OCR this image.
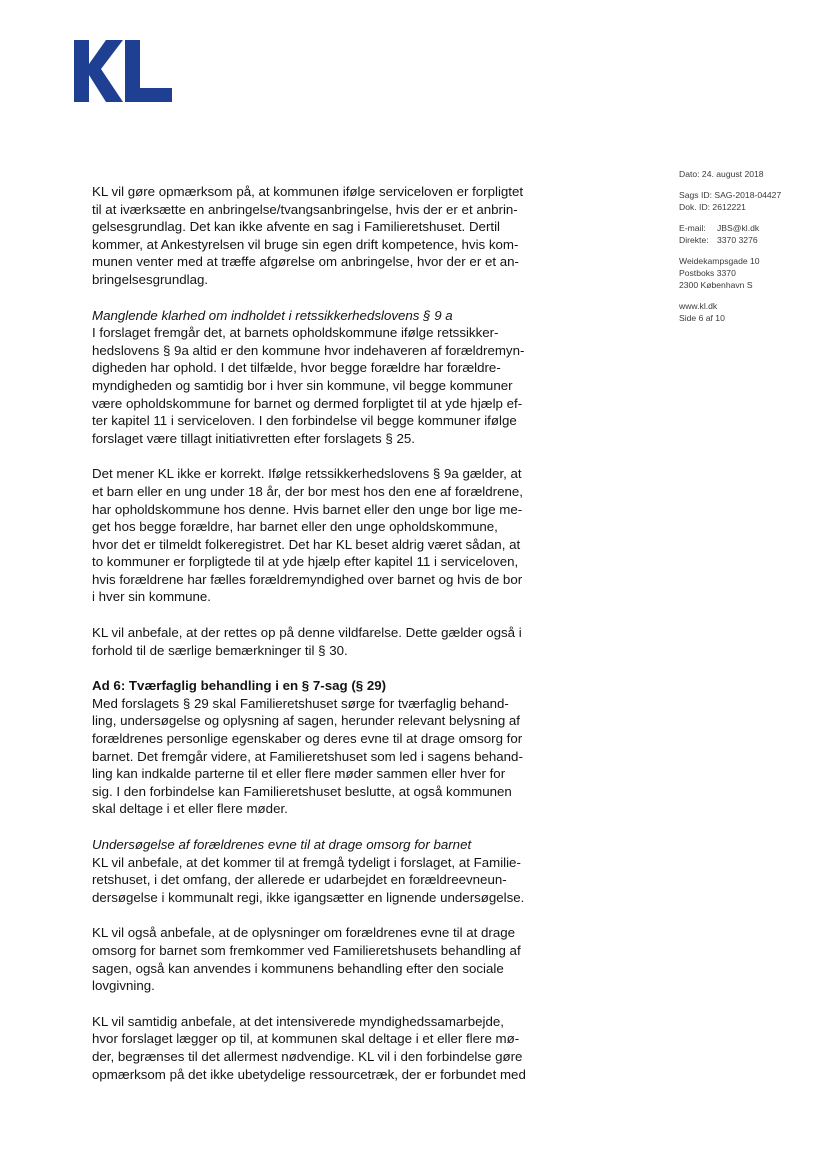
Dato: 24. august 2018
Sags ID: SAG-2018-04427
Dok. ID: 2612221
E-mail: JBS@kl.dk
Direkte: 3370 3276
Weidekampsgade 10
Postboks 3370
2300 København S
www.kl.dk
Side 6 af 10

KL vil gøre opmærksom på, at kommunen ifølge serviceloven er forpligtet
til at iværksætte en anbringelse/tvangsanbringelse, hvis der er et anbrin-
gelsesgrundlag. Det kan ikke afvente en sag i Familieretshuset. Dertil
kommer, at Ankestyrelsen vil bruge sin egen drift kompetence, hvis kom-
munen venter med at træffe afgørelse om anbringelse, hvor der er et an-
bringelsesgrundlag.

Manglende klarhed om indholdet i retssikkerhedslovens § 9 a
I forslaget fremgår det, at barnets opholdskommune ifølge retssikker-
hedslovens § 9a altid er den kommune hvor indehaveren af forældremyn-
digheden har ophold. I det tilfælde, hvor begge forældre har forældre-
myndigheden og samtidig bor i hver sin kommune, vil begge kommuner
være opholdskommune for barnet og dermed forpligtet til at yde hjælp ef-
ter kapitel 11 i serviceloven. I den forbindelse vil begge kommuner ifølge
forslaget være tillagt initiativretten efter forslagets § 25.

Det mener KL ikke er korrekt. Ifølge retssikkerhedslovens § 9a gælder, at
et barn eller en ung under 18 år, der bor mest hos den ene af forældrene,
har opholdskommune hos denne. Hvis barnet eller den unge bor lige me-
get hos begge forældre, har barnet eller den unge opholdskommune,
hvor det er tilmeldt folkeregistret. Det har KL beset aldrig været sådan, at
to kommuner er forpligtede til at yde hjælp efter kapitel 11 i serviceloven,
hvis forældrene har fælles forældremyndighed over barnet og hvis de bor
i hver sin kommune.

KL vil anbefale, at der rettes op på denne vildfarelse. Dette gælder også i
forhold til de særlige bemærkninger til § 30.

Ad 6: Tværfaglig behandling i en § 7-sag (§ 29)
Med forslagets § 29 skal Familieretshuset sørge for tværfaglig behand-
ling, undersøgelse og oplysning af sagen, herunder relevant belysning af
forældrenes personlige egenskaber og deres evne til at drage omsorg for
barnet. Det fremgår videre, at Familieretshuset som led i sagens behand-
ling kan indkalde parterne til et eller flere møder sammen eller hver for
sig. I den forbindelse kan Familieretshuset beslutte, at også kommunen
skal deltage i et eller flere møder.

Undersøgelse af forældrenes evne til at drage omsorg for barnet
KL vil anbefale, at det kommer til at fremgå tydeligt i forslaget, at Familie-
retshuset, i det omfang, der allerede er udarbejdet en forældreevneun-
dersøgelse i kommunalt regi, ikke igangsætter en lignende undersøgelse.

KL vil også anbefale, at de oplysninger om forældrenes evne til at drage
omsorg for barnet som fremkommer ved Familieretshusets behandling af
sagen, også kan anvendes i kommunens behandling efter den sociale
lovgivning.

KL vil samtidig anbefale, at det intensiverede myndighedssamarbejde,
hvor forslaget lægger op til, at kommunen skal deltage i et eller flere mø-
der, begrænses til det allermest nødvendige. KL vil i den forbindelse gøre
opmærksom på det ikke ubetydelige ressourcetræk, der er forbundet med
